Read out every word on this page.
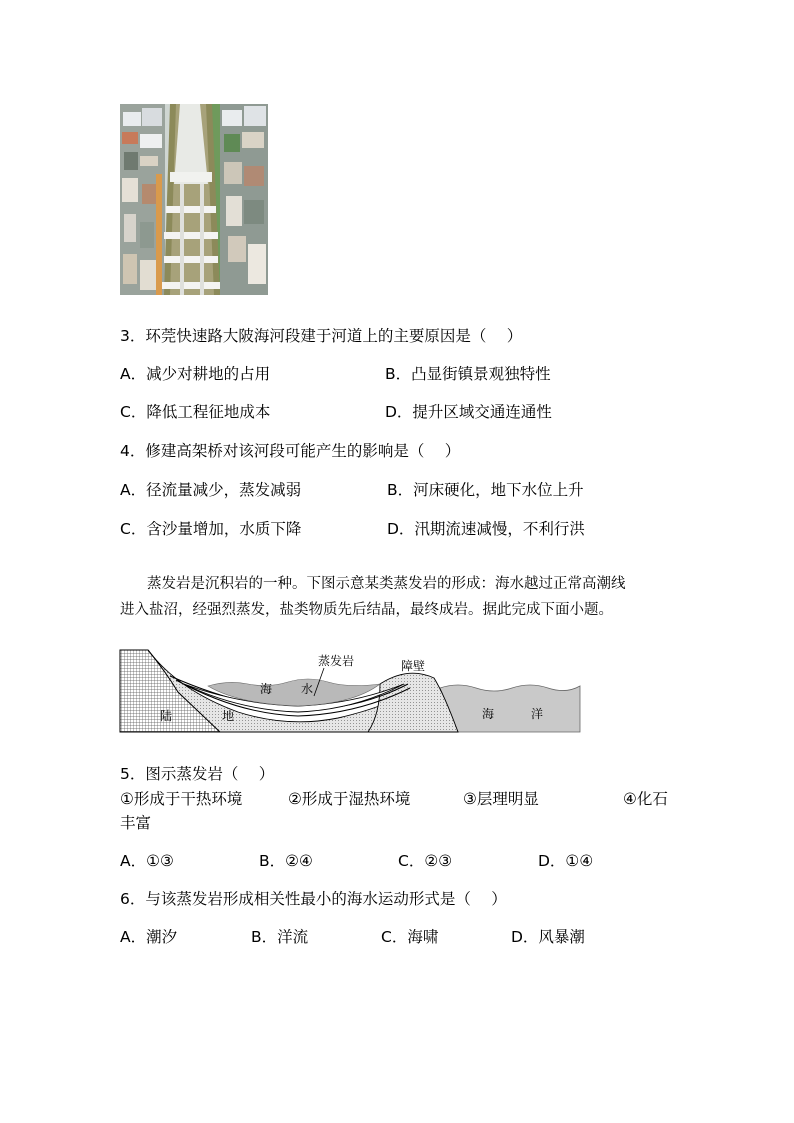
3．环莞快速路大陂海河段建于河道上的主要原因是（　 ）
A．减少对耕地的占用	B．凸显街镇景观独特性
C．降低工程征地成本	D．提升区域交通连通性
4．修建高架桥对该河段可能产生的影响是（　 ）
A．径流量减少，蒸发减弱	B．河床硬化，地下水位上升
C．含沙量增加，水质下降	D．汛期流速减慢，不利行洪
蒸发岩是沉积岩的一种。下图示意某类蒸发岩的形成：海水越过正常高潮线
进入盐沼，经强烈蒸发，盐类物质先后结晶，最终成岩。据此完成下面小题。
蒸发岩	障壁
海 水
陆	地	海	洋
5．图示蒸发岩（　 ）
①形成于干热环境	②形成于湿热环境	③层理明显	④化石
丰富
A．①③	B．②④	C．②③	D．①④
6．与该蒸发岩形成相关性最小的海水运动形式是（　 ）
A．潮汐	B．洋流	C．海啸	D．风暴潮
